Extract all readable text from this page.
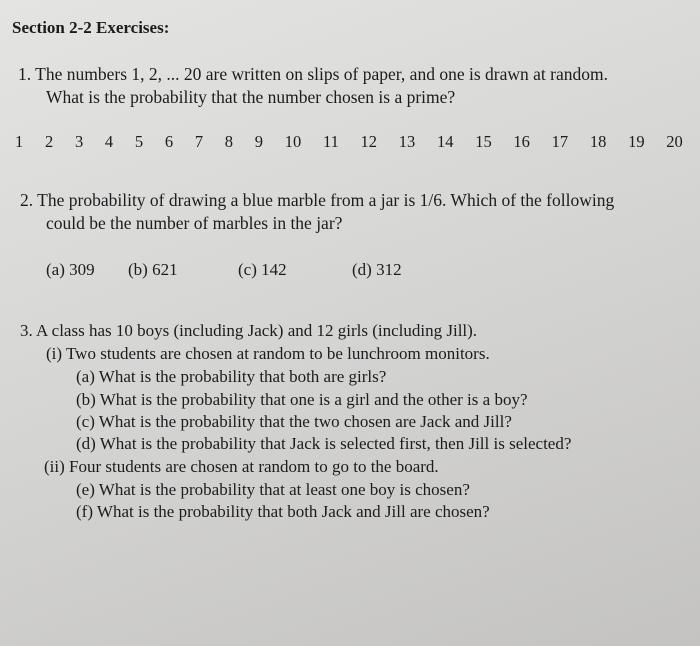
Section 2-2 Exercises:
1. The numbers 1, 2, ... 20 are written on slips of paper, and one is drawn at random.
What is the probability that the number chosen is a prime?
1 2 3 4 5 6 7 8 9 10 11 12 13 14 15 16 17 18 19 20
2. The probability of drawing a blue marble from a jar is 1/6. Which of the following
could be the number of marbles in the jar?
(a) 309 (b) 621	(c) 142	(d) 312
3. A class has 10 boys (including Jack) and 12 girls (including Jill).
(i) Two students are chosen at random to be lunchroom monitors.
(a) What is the probability that both are girls?
(b) What is the probability that one is a girl and the other is a boy?
(c) What is the probability that the two chosen are Jack and Jill?
(d) What is the probability that Jack is selected first, then Jill is selected?
(ii) Four students are chosen at random to go to the board.
(e) What is the probability that at least one boy is chosen?
(f) What is the probability that both Jack and Jill are chosen?
